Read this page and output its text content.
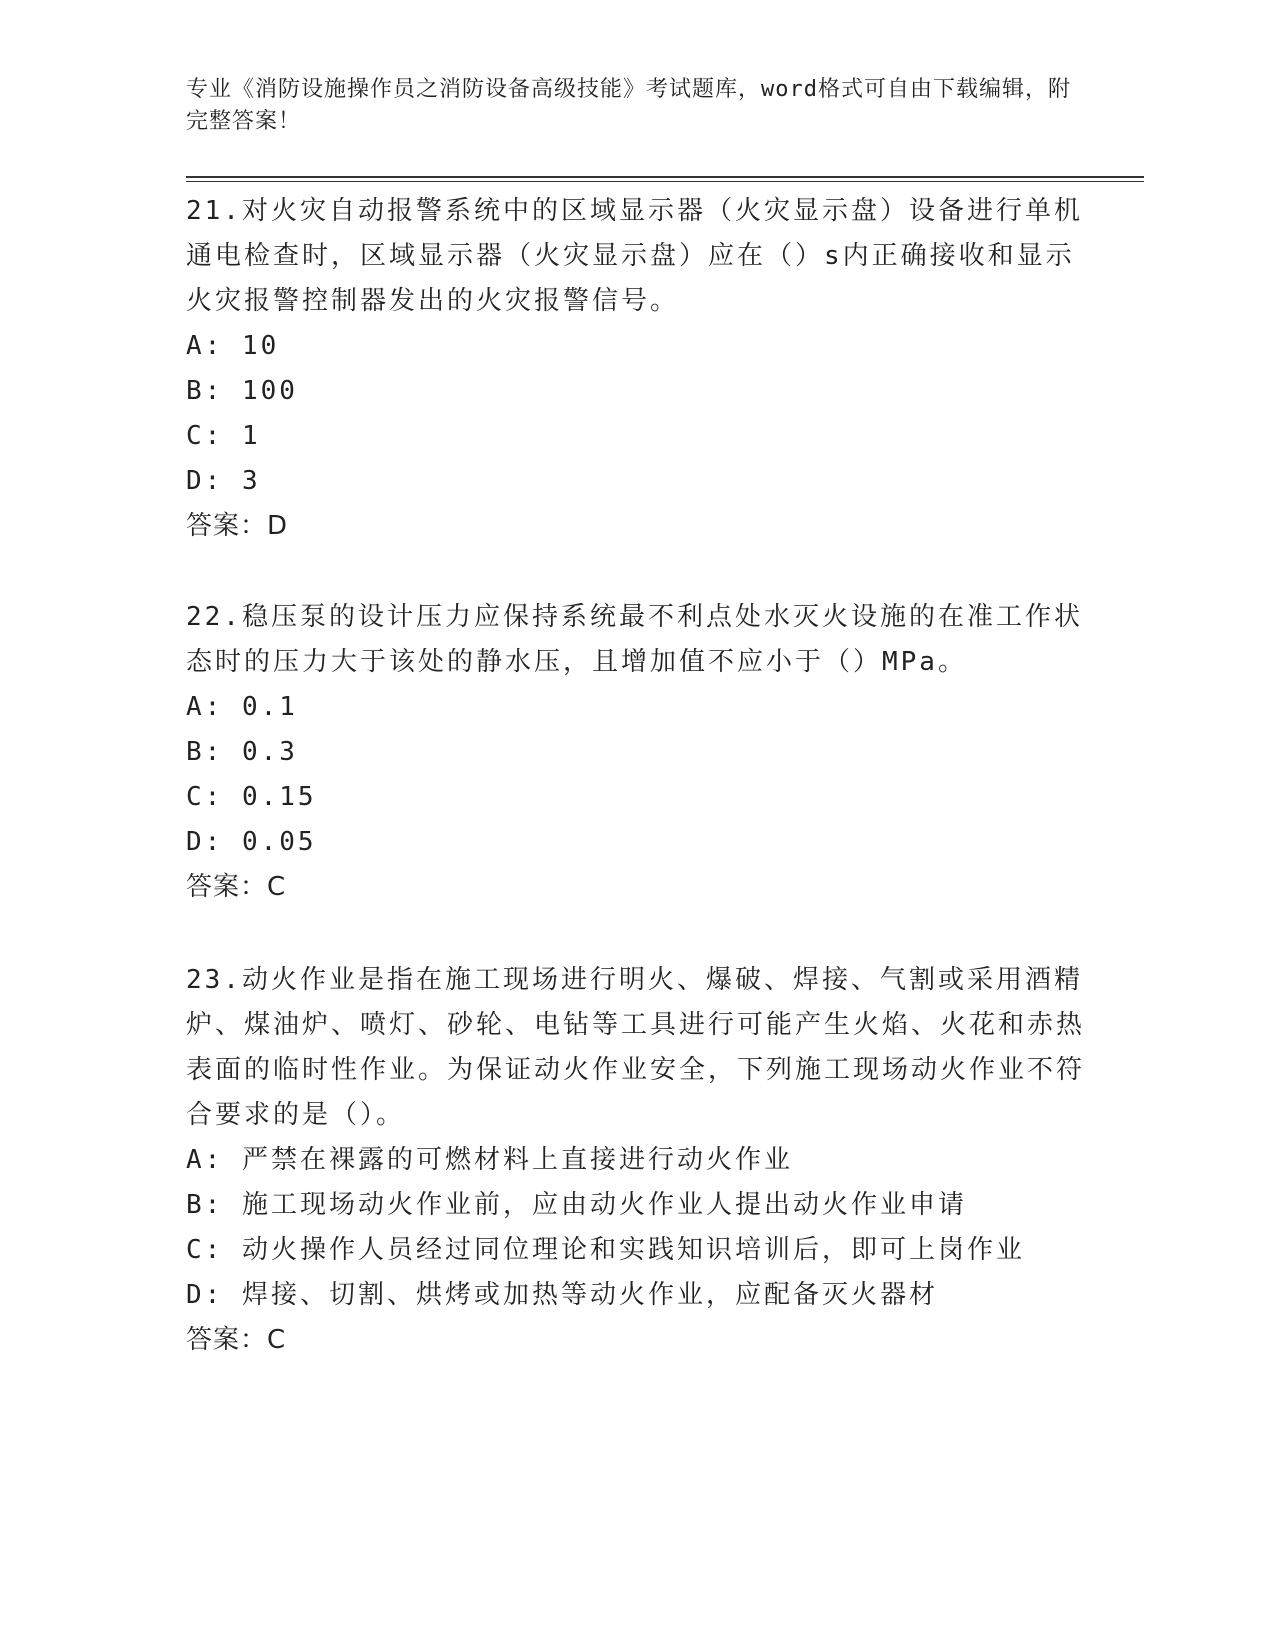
专业《消防设施操作员之消防设备高级技能》考试题库，word格式可自由下载编辑，附完整答案！

21.对火灾自动报警系统中的区域显示器（火灾显示盘）设备进行单机通电检查时，区域显示器（火灾显示盘）应在（）s内正确接收和显示火灾报警控制器发出的火灾报警信号。

A: 10

B: 100

C: 1

D: 3

答案：D

22.稳压泵的设计压力应保持系统最不利点处水灭火设施的在准工作状态时的压力大于该处的静水压，且增加值不应小于（）MPa。

A: 0.1

B: 0.3

C: 0.15

D: 0.05

答案：C

23.动火作业是指在施工现场进行明火、爆破、焊接、气割或采用酒精炉、煤油炉、喷灯、砂轮、电钻等工具进行可能产生火焰、火花和赤热表面的临时性作业。为保证动火作业安全，下列施工现场动火作业不符合要求的是（）。

A: 严禁在裸露的可燃材料上直接进行动火作业

B: 施工现场动火作业前，应由动火作业人提出动火作业申请

C: 动火操作人员经过同位理论和实践知识培训后，即可上岗作业

D: 焊接、切割、烘烤或加热等动火作业，应配备灭火器材

答案：C
